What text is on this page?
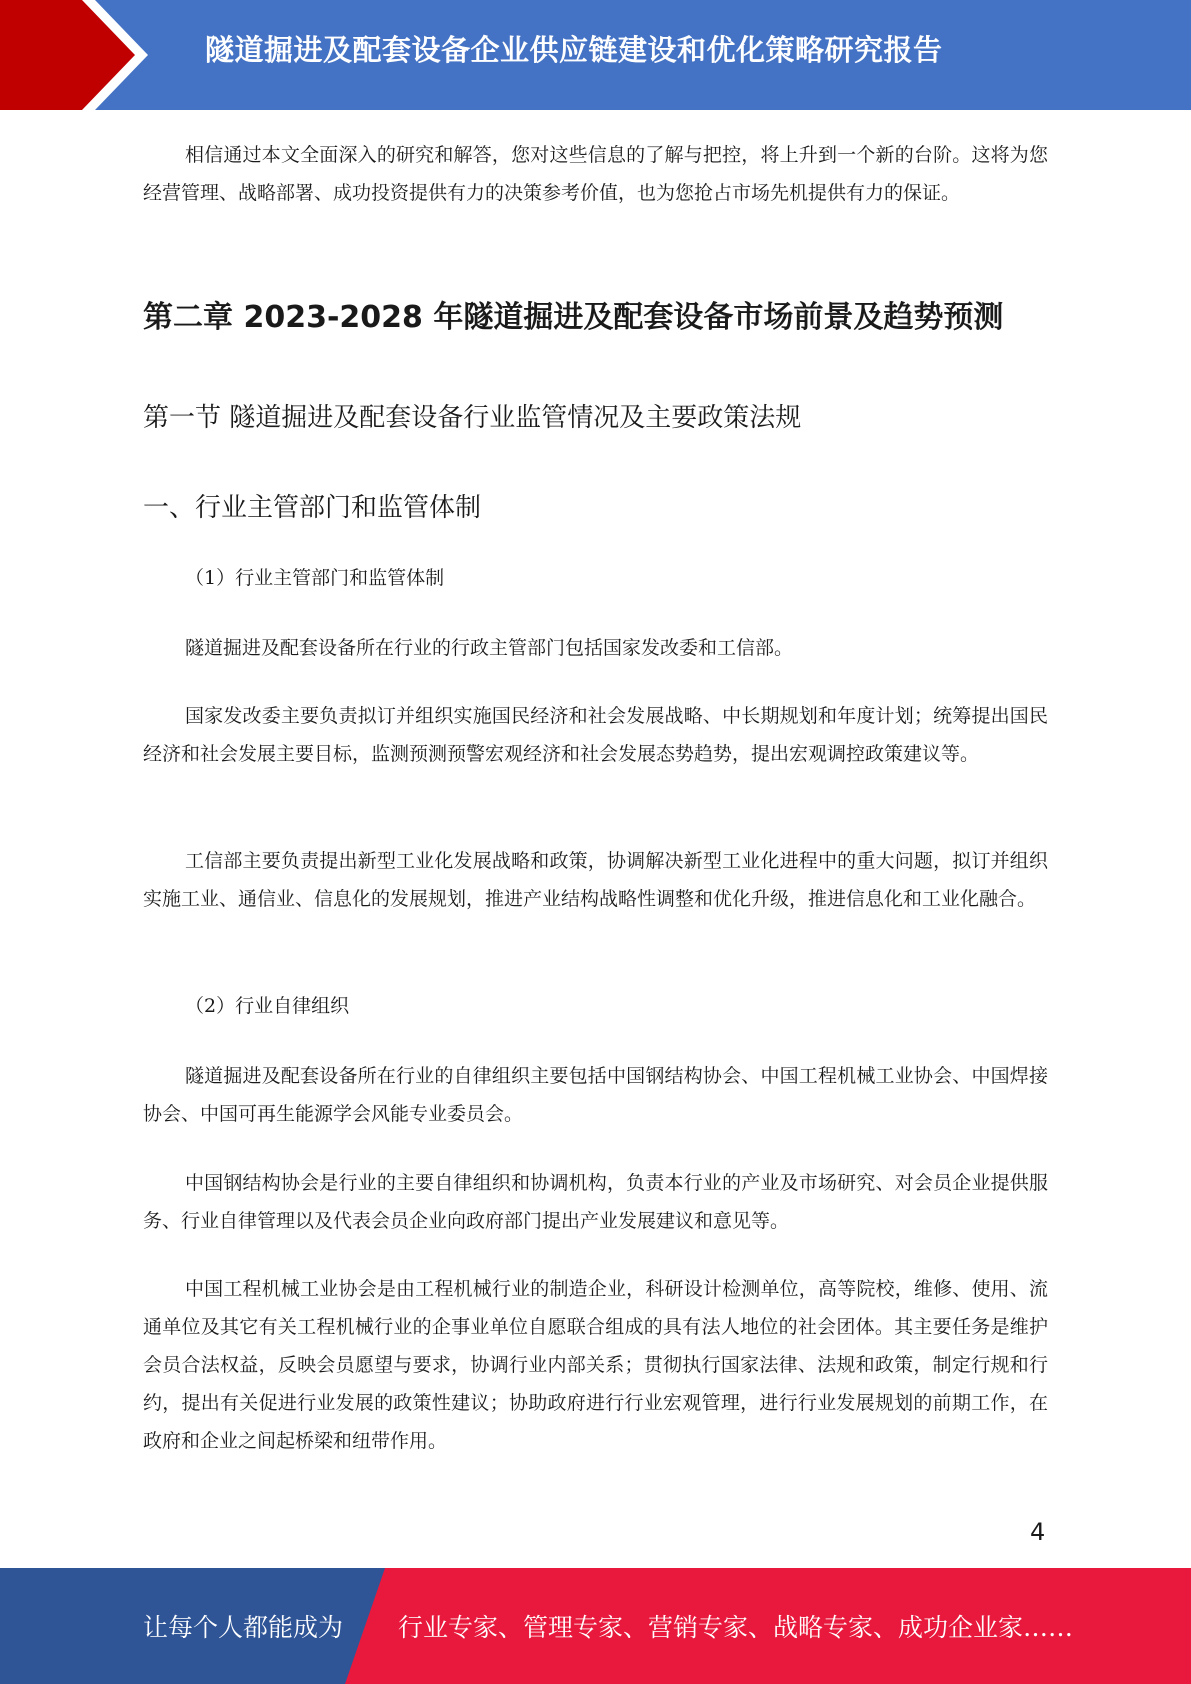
隧道掘进及配套设备企业供应链建设和优化策略研究报告

相信通过本文全面深入的研究和解答，您对这些信息的了解与把控，将上升到一个新的台阶。这将为您经营管理、战略部署、成功投资提供有力的决策参考价值，也为您抢占市场先机提供有力的保证。

第二章 2023-2028 年隧道掘进及配套设备市场前景及趋势预测
第一节 隧道掘进及配套设备行业监管情况及主要政策法规
一、行业主管部门和监管体制

（1）行业主管部门和监管体制

隧道掘进及配套设备所在行业的行政主管部门包括国家发改委和工信部。

国家发改委主要负责拟订并组织实施国民经济和社会发展战略、中长期规划和年度计划；统筹提出国民经济和社会发展主要目标，监测预测预警宏观经济和社会发展态势趋势，提出宏观调控政策建议等。

工信部主要负责提出新型工业化发展战略和政策，协调解决新型工业化进程中的重大问题，拟订并组织实施工业、通信业、信息化的发展规划，推进产业结构战略性调整和优化升级，推进信息化和工业化融合。

（2）行业自律组织

隧道掘进及配套设备所在行业的自律组织主要包括中国钢结构协会、中国工程机械工业协会、中国焊接协会、中国可再生能源学会风能专业委员会。

中国钢结构协会是行业的主要自律组织和协调机构，负责本行业的产业及市场研究、对会员企业提供服务、行业自律管理以及代表会员企业向政府部门提出产业发展建议和意见等。

中国工程机械工业协会是由工程机械行业的制造企业，科研设计检测单位，高等院校，维修、使用、流通单位及其它有关工程机械行业的企事业单位自愿联合组成的具有法人地位的社会团体。其主要任务是维护会员合法权益，反映会员愿望与要求，协调行业内部关系；贯彻执行国家法律、法规和政策，制定行规和行约，提出有关促进行业发展的政策性建议；协助政府进行行业宏观管理，进行行业发展规划的前期工作，在政府和企业之间起桥梁和纽带作用。

4
让每个人都能成为 行业专家、管理专家、营销专家、战略专家、成功企业家……
